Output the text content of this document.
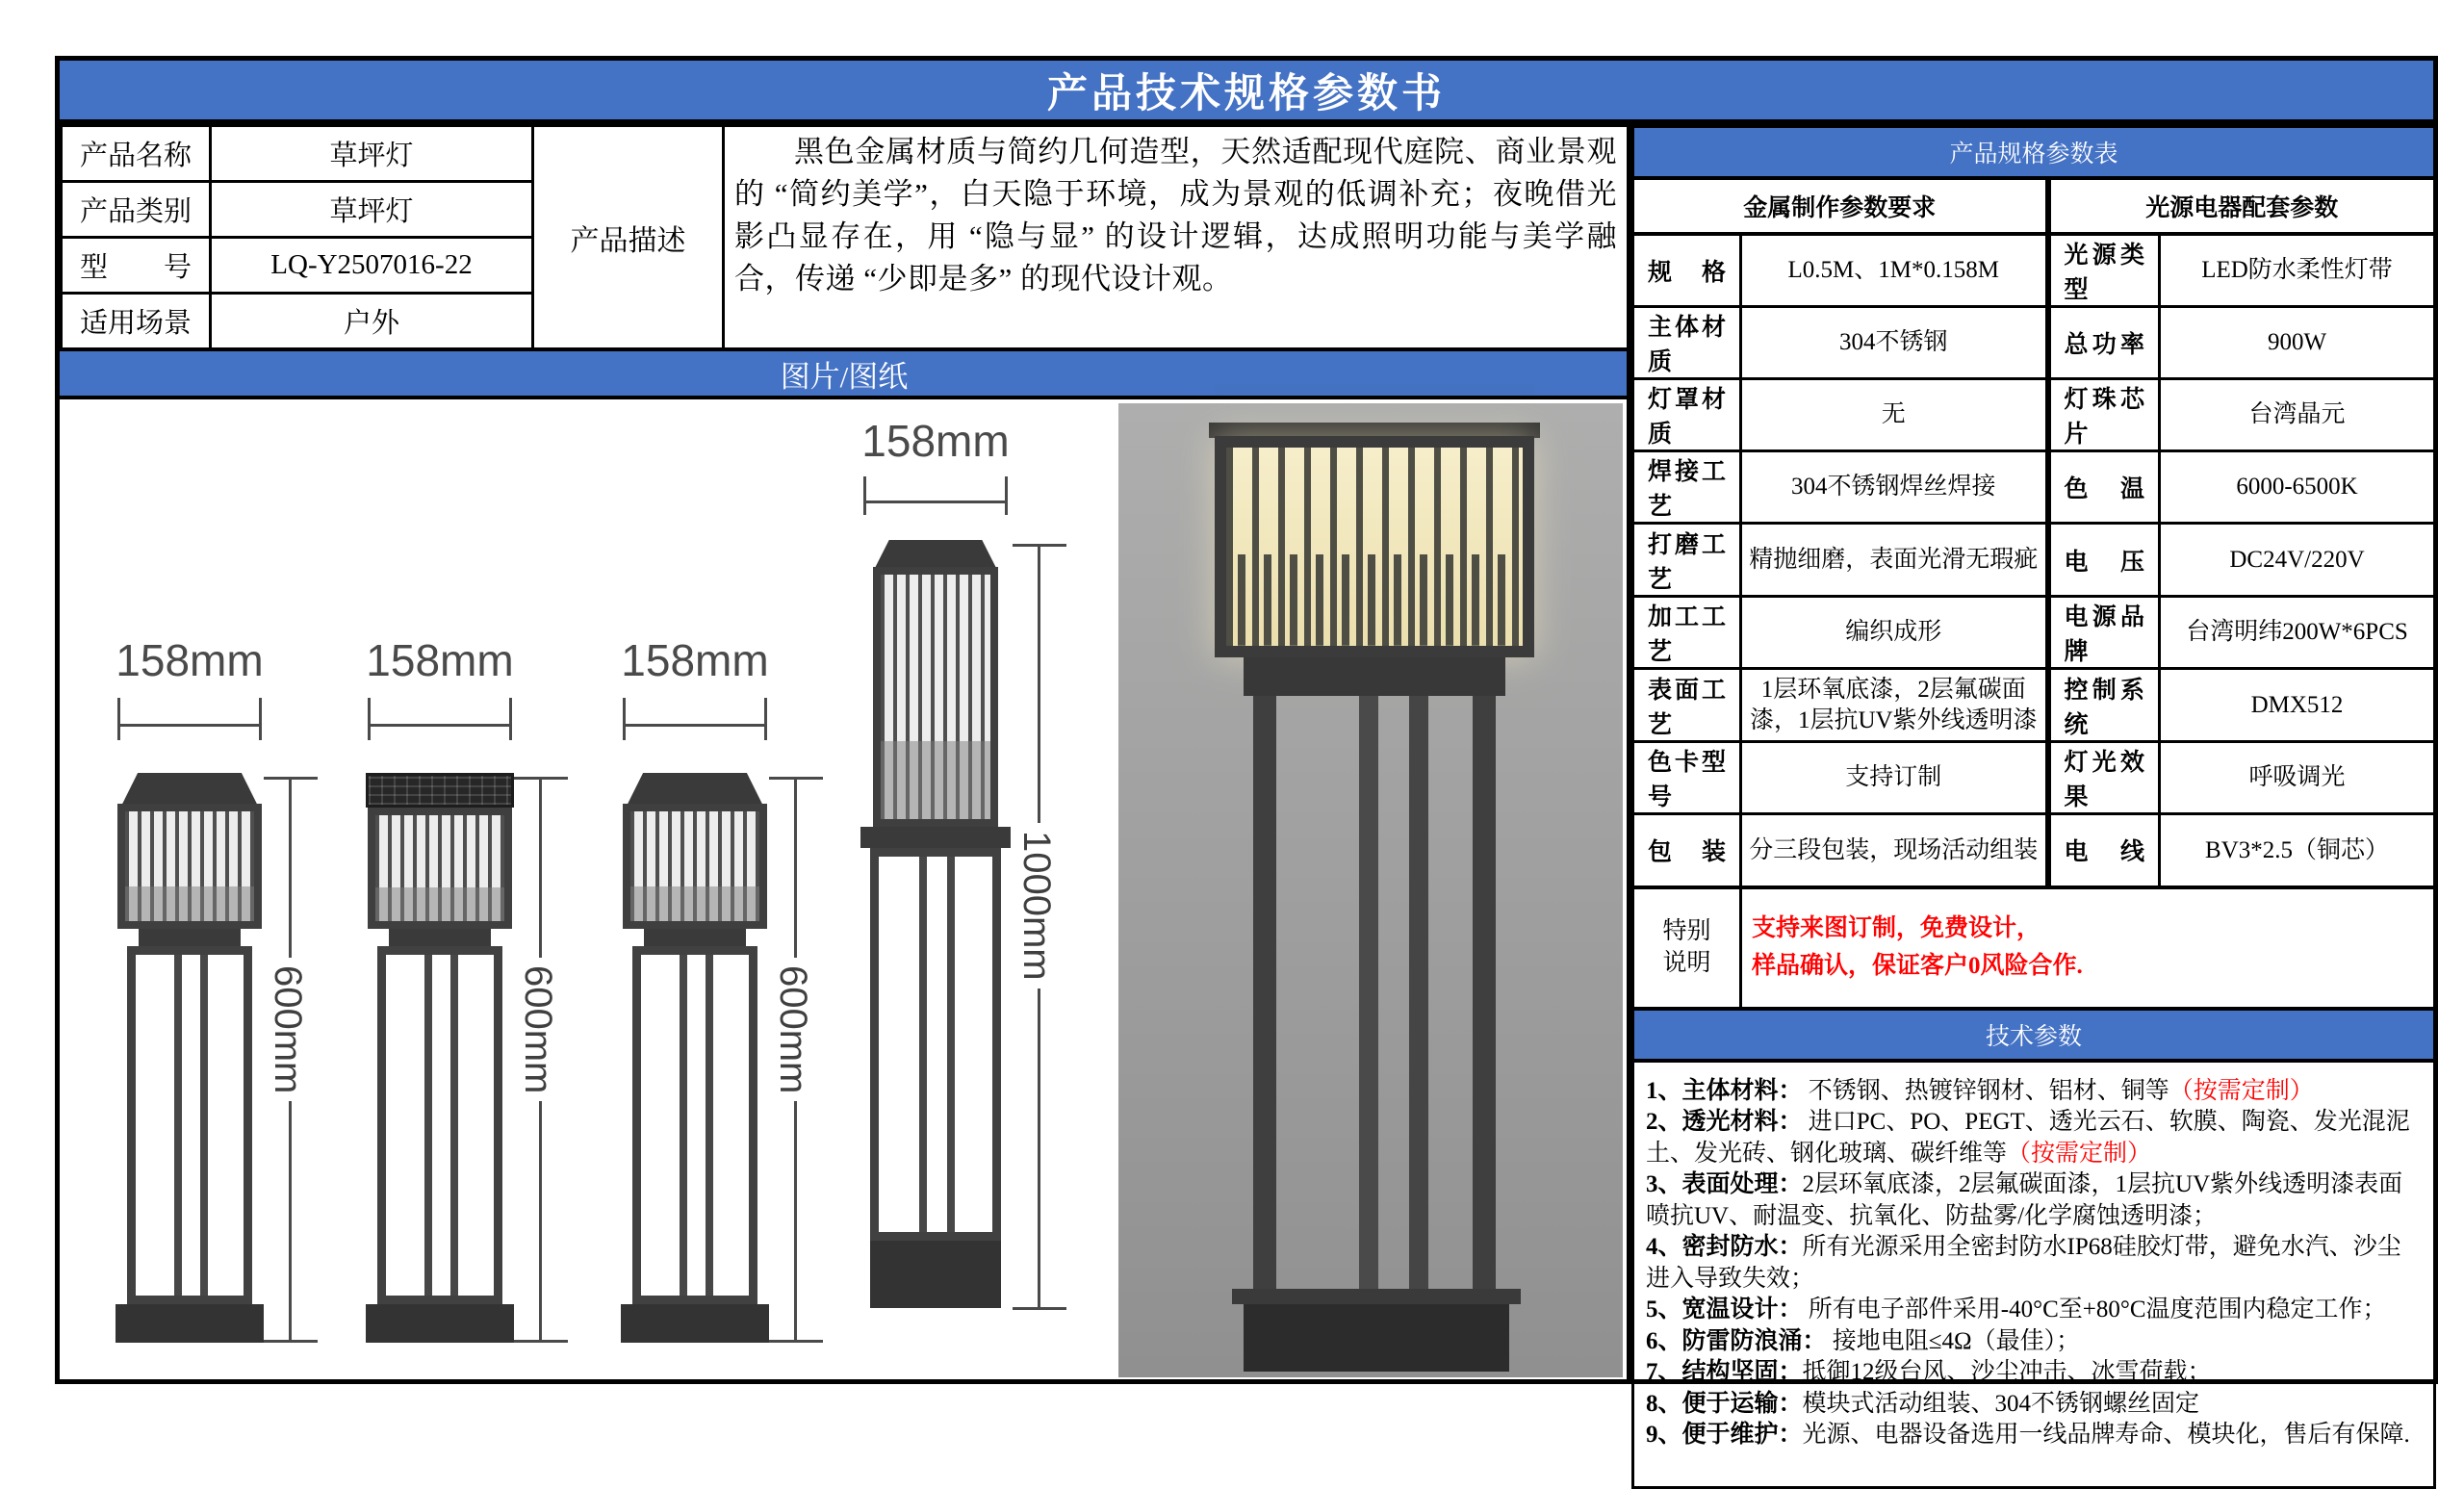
产品技术规格参数书
产品名称	草坪灯	产品描述	黑色金属材质与简约几何造型，天然适配现代庭院、商业景观的 “简约美学”，白天隐于环境，成为景观的低调补充；夜晚借光影凸显存在，用 “隐与显” 的设计逻辑，达成照明功能与美学融合，传递 “少即是多” 的现代设计观。
产品类别	草坪灯		
型号	LQ-Y2507016-22		
适用场景	户外		
图片/图纸
158mm
600mm
158mm
600mm
158mm
600mm
158mm
1000mm
产品规格参数表			
金属制作参数要求		光源电器配套参数	
规格	L0.5M、1M*0.158M	光源类型	LED防水柔性灯带
主体材质	304不锈钢	总功率	900W
灯罩材质	无	灯珠芯片	台湾晶元
焊接工艺	304不锈钢焊丝焊接	色温	6000-6500K
打磨工艺	精抛细磨，表面光滑无瑕疵	电压	DC24V/220V
加工工艺	编织成形	电源品牌	台湾明纬200W*6PCS
表面工艺	1层环氧底漆，2层氟碳面漆，1层抗UV紫外线透明漆	控制系统	DMX512
色卡型号	支持订制	灯光效果	呼吸调光
包装	分三段包装，现场活动组装	电线	BV3*2.5（铜芯）
特别说明	支持来图订制，免费设计，
样品确认，保证客户0风险合作.		

技术参数			

1、主体材料： 不锈钢、热镀锌钢材、铝材、铜等（按需定制）

2、透光材料： 进口PC、PO、PEGT、透光云石、软膜、陶瓷、发光混泥土、发光砖、钢化玻璃、碳纤维等（按需定制）

3、表面处理：2层环氧底漆，2层氟碳面漆，1层抗UV紫外线透明漆表面喷抗UV、耐温变、抗氧化、防盐雾/化学腐蚀透明漆；

4、密封防水：所有光源采用全密封防水IP68硅胶灯带，避免水汽、沙尘进入导致失效；

5、宽温设计： 所有电子部件采用-40°C至+80°C温度范围内稳定工作；

6、防雷防浪涌： 接地电阻≤4Ω（最佳）；

7、结构坚固：抵御12级台风、沙尘冲击、冰雪荷载；

8、便于运输：模块式活动组装、304不锈钢螺丝固定

9、便于维护：光源、电器设备选用一线品牌寿命、模块化，售后有保障.
